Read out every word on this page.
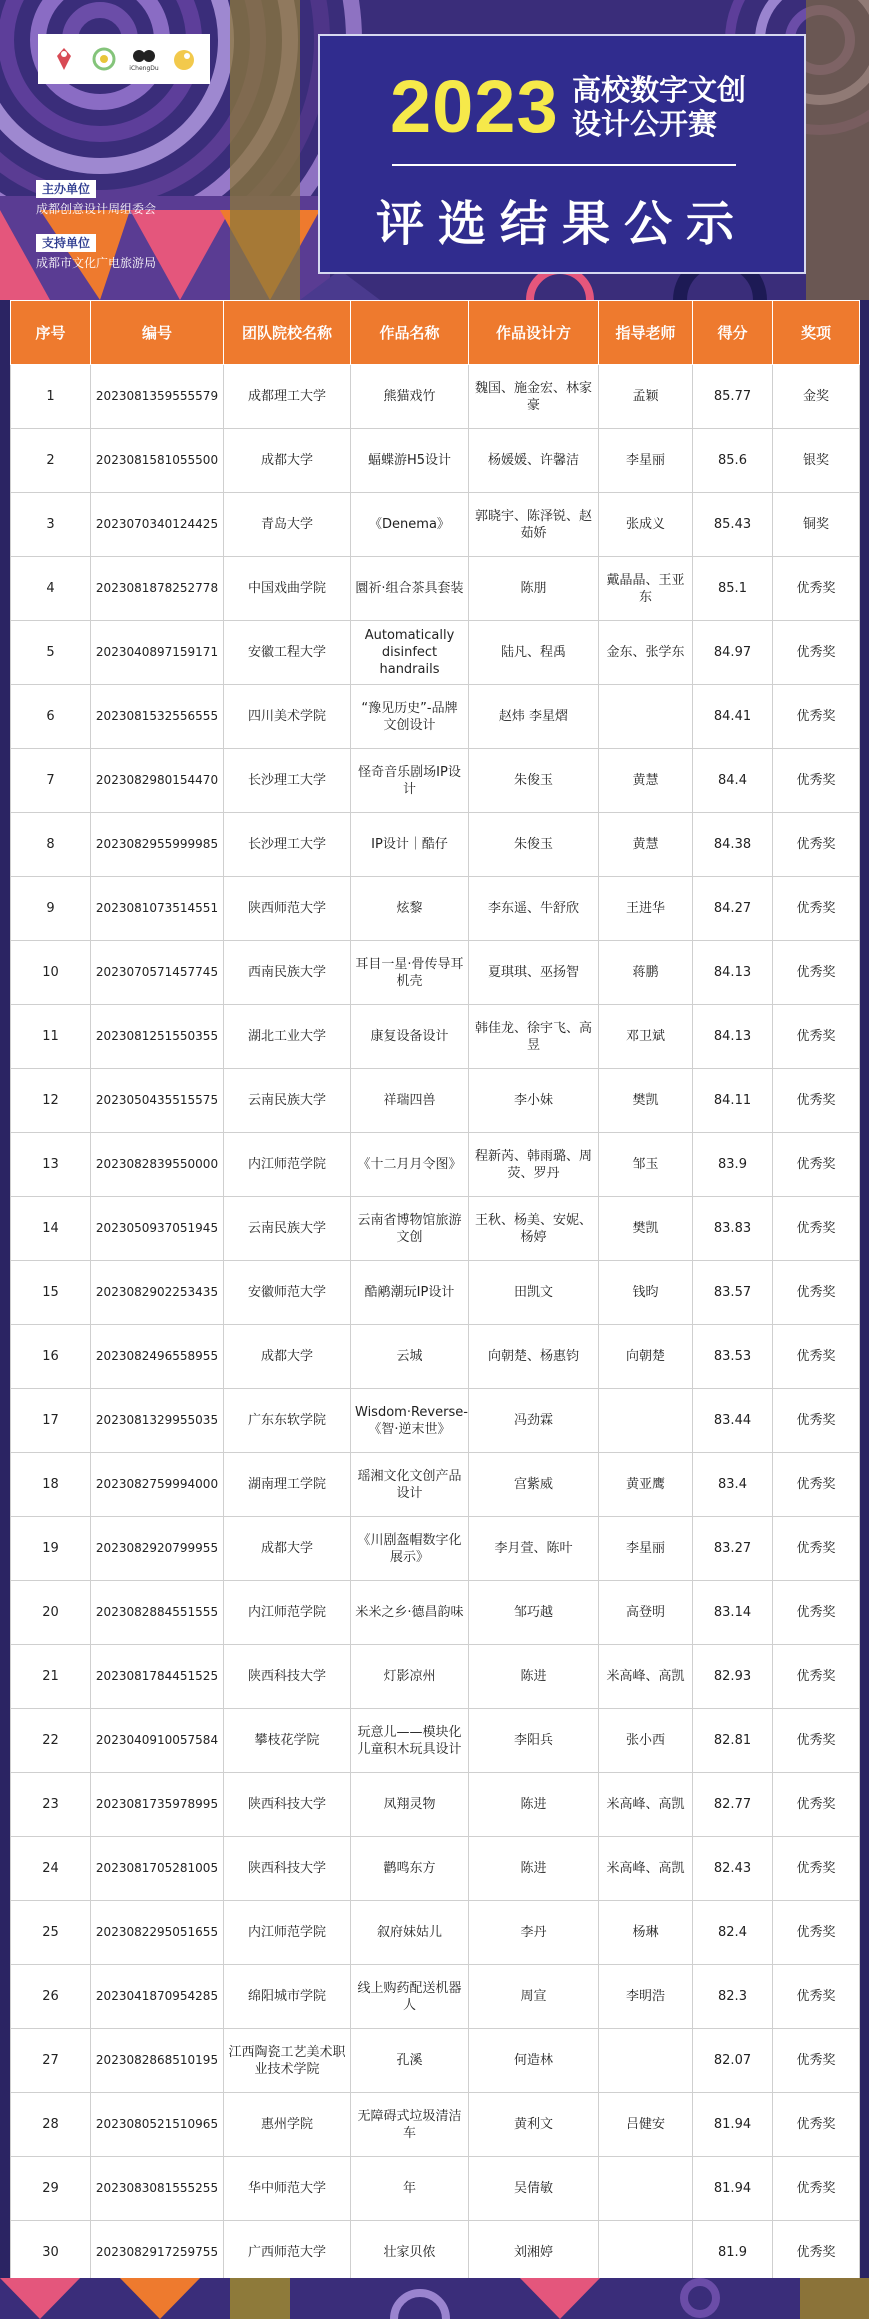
iChengDu
主办单位
成都创意设计周组委会
支持单位
成都市文化广电旅游局
2023 高校数字文创
设计公开赛
评选结果公示
序号	编号	团队院校名称	作品名称	作品设计方	指导老师	得分	奖项
1	2023081359555579	成都理工大学	熊猫戏竹	魏国、施金宏、林家豪	孟颖	85.77	金奖
2	2023081581055500	成都大学	蝠蝶游H5设计	杨媛媛、许馨洁	李星丽	85.6	银奖
3	2023070340124425	青岛大学	《Denema》	郭晓宇、陈泽锐、赵茹娇	张成义	85.43	铜奖
4	2023081878252778	中国戏曲学院	圜祈·组合茶具套装	陈朋	戴晶晶、王亚东	85.1	优秀奖
5	2023040897159171	安徽工程大学	Automatically disinfect handrails	陆凡、程禹	金东、张学东	84.97	优秀奖
6	2023081532556555	四川美术学院	“豫见历史”-品牌文创设计	赵炜 李星熠		84.41	优秀奖
7	2023082980154470	长沙理工大学	怪奇音乐剧场IP设计	朱俊玉	黄慧	84.4	优秀奖
8	2023082955999985	长沙理工大学	IP设计｜酷仔	朱俊玉	黄慧	84.38	优秀奖
9	2023081073514551	陕西师范大学	炫黎	李东遥、牛舒欣	王进华	84.27	优秀奖
10	2023070571457745	西南民族大学	耳目一星·骨传导耳机壳	夏琪琪、巫扬智	蒋鹏	84.13	优秀奖
11	2023081251550355	湖北工业大学	康复设备设计	韩佳龙、徐宇飞、高昱	邓卫斌	84.13	优秀奖
12	2023050435515575	云南民族大学	祥瑞四兽	李小妹	樊凯	84.11	优秀奖
13	2023082839550000	内江师范学院	《十二月月令图》	程新芮、韩雨璐、周荧、罗丹	邹玉	83.9	优秀奖
14	2023050937051945	云南民族大学	云南省博物馆旅游文创	王秋、杨美、安妮、杨婷	樊凯	83.83	优秀奖
15	2023082902253435	安徽师范大学	酷鹇潮玩IP设计	田凯文	钱昀	83.57	优秀奖
16	2023082496558955	成都大学	云城	向朝楚、杨惠钧	向朝楚	83.53	优秀奖
17	2023081329955035	广东东软学院	Wisdom·Reverse-《智·逆末世》	冯劲霖		83.44	优秀奖
18	2023082759994000	湖南理工学院	瑶湘文化文创产品设计	宫紫威	黄亚鹰	83.4	优秀奖
19	2023082920799955	成都大学	《川剧盔帽数字化展示》	李月萱、陈叶	李星丽	83.27	优秀奖
20	2023082884551555	内江师范学院	米米之乡·德昌韵味	邹巧越	高登明	83.14	优秀奖
21	2023081784451525	陕西科技大学	灯影凉州	陈进	米高峰、高凯	82.93	优秀奖
22	2023040910057584	攀枝花学院	玩意儿——模块化儿童积木玩具设计	李阳兵	张小西	82.81	优秀奖
23	2023081735978995	陕西科技大学	凤翔灵物	陈进	米高峰、高凯	82.77	优秀奖
24	2023081705281005	陕西科技大学	鹳鸣东方	陈进	米高峰、高凯	82.43	优秀奖
25	2023082295051655	内江师范学院	叙府妹姑儿	李丹	杨琳	82.4	优秀奖
26	2023041870954285	绵阳城市学院	线上购药配送机器人	周宣	李明浩	82.3	优秀奖
27	2023082868510195	江西陶瓷工艺美术职业技术学院	孔溪	何造林		82.07	优秀奖
28	2023080521510965	惠州学院	无障碍式垃圾清洁车	黄利文	吕健安	81.94	优秀奖
29	2023083081555255	华中师范大学	年	吴倩敏		81.94	优秀奖
30	2023082917259755	广西师范大学	壮家贝侬	刘湘婷		81.9	优秀奖
